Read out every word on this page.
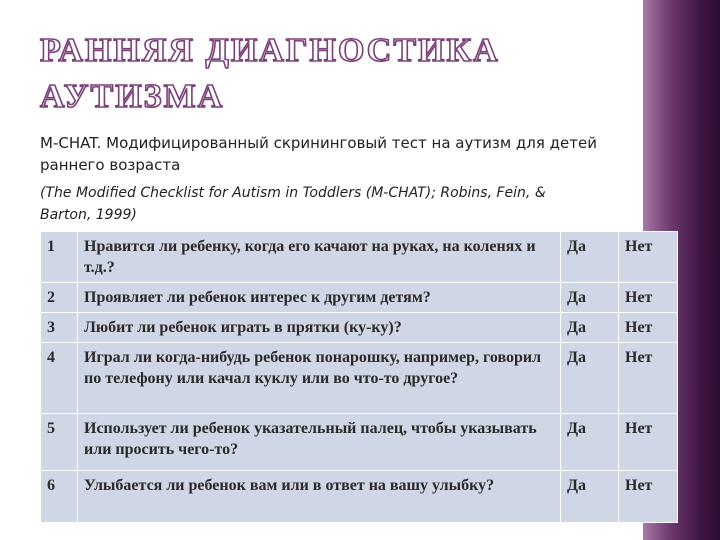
РАННЯЯ ДИАГНОСТИКА АУТИЗМА
M-CHAT. Модифицированный скрининговый тест на аутизм для детей раннего возраста
(The Modified Checklist for Autism in Toddlers (M-CHAT); Robins, Fein, & Barton, 1999)
1	Нравится ли ребенку, когда его качают на руках, на коленях и т.д.?	Да	Нет
2	Проявляет ли ребенок интерес к другим детям?	Да	Нет
3	Любит ли ребенок играть в прятки (ку-ку)?	Да	Нет
4	Играл ли когда-нибудь ребенок понарошку, например, говорил по телефону или качал куклу или во что-то другое?	Да	Нет
5	Использует ли ребенок указательный палец, чтобы указывать или просить чего-то?	Да	Нет
6	Улыбается ли ребенок вам или в ответ на вашу улыбку?	Да	Нет
